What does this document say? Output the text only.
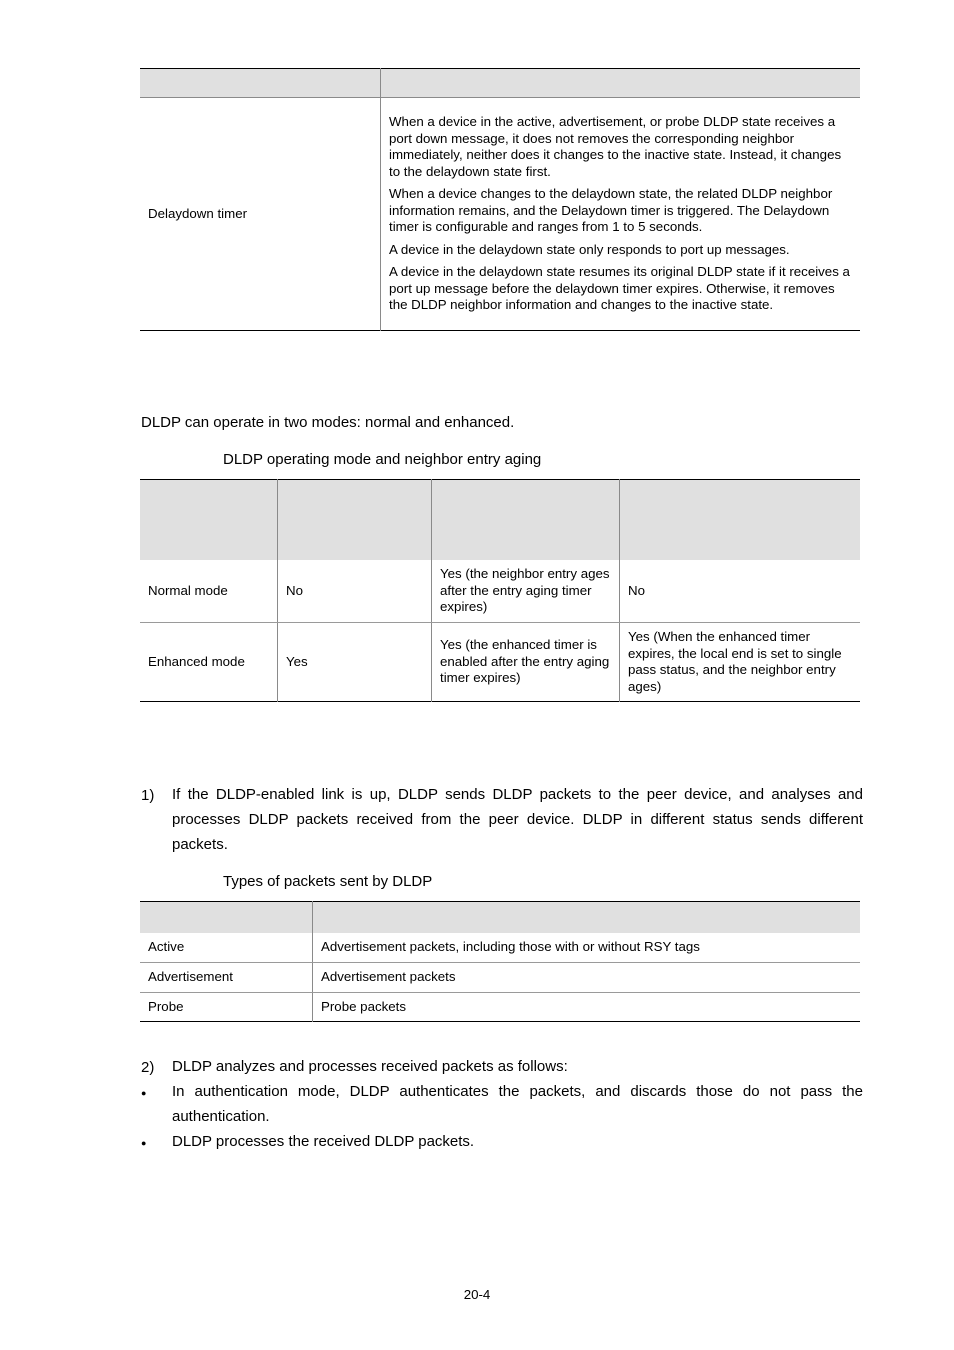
Delaydown timer	When a device in the active, advertisement, or probe DLDP state receives a port down message, it does not removes the corresponding neighbor immediately, neither does it changes to the inactive state. Instead, it changes to the delaydown state first.

When a device changes to the delaydown state, the related DLDP neighbor information remains, and the Delaydown timer is triggered. The Delaydown timer is configurable and ranges from 1 to 5 seconds.

A device in the delaydown state only responds to port up messages.

A device in the delaydown state resumes its original DLDP state if it receives a port up message before the delaydown timer expires. Otherwise, it removes the DLDP neighbor information and changes to the inactive state.

DLDP can operate in two modes: normal and enhanced.

DLDP operating mode and neighbor entry aging

Normal mode	No	Yes (the neighbor entry ages after the entry aging timer expires)	No
Enhanced mode	Yes	Yes (the enhanced timer is enabled after the entry aging timer expires)	Yes (When the enhanced timer expires, the local end is set to single pass status, and the neighbor entry ages)
1) If the DLDP-enabled link is up, DLDP sends DLDP packets to the peer device, and analyses and processes DLDP packets received from the peer device. DLDP in different status sends different packets.

Types of packets sent by DLDP

Active	Advertisement packets, including those with or without RSY tags
Advertisement	Advertisement packets
Probe	Probe packets
2) DLDP analyzes and processes received packets as follows:

● In authentication mode, DLDP authenticates the packets, and discards those do not pass the authentication.

● DLDP processes the received DLDP packets.

20-4
